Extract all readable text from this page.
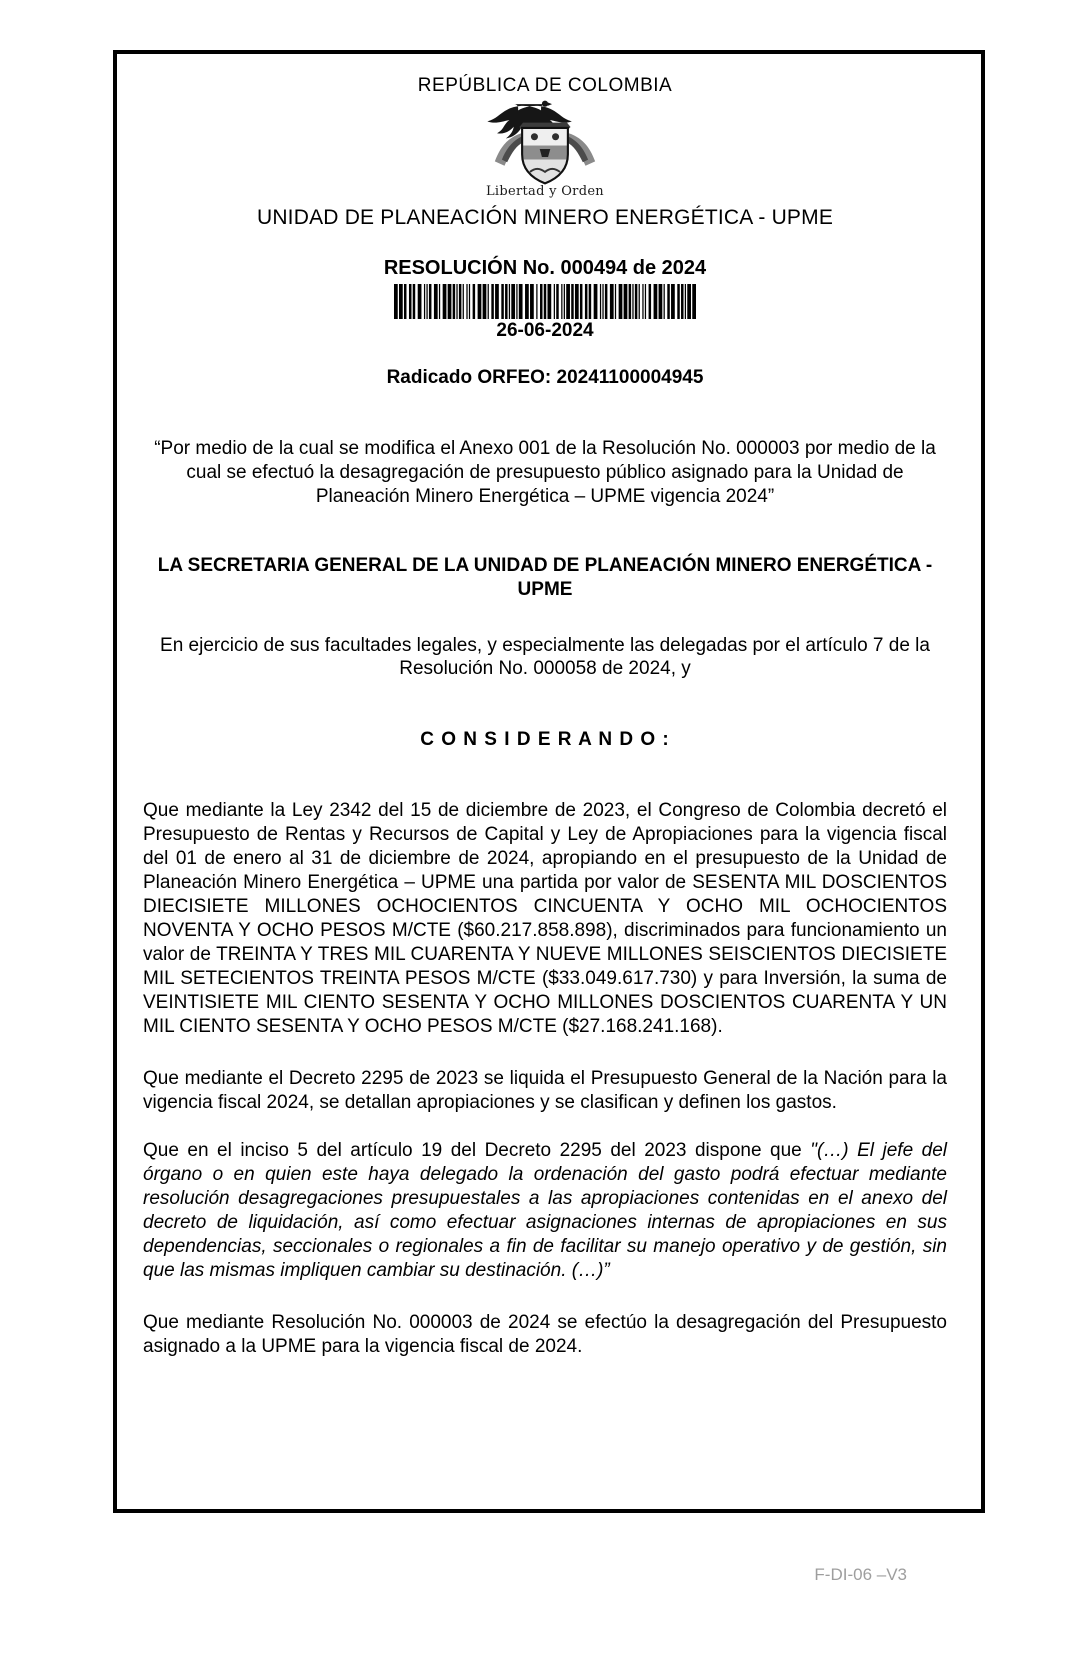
REPÚBLICA DE COLOMBIA
Libertad y Orden
UNIDAD DE PLANEACIÓN MINERO ENERGÉTICA - UPME
RESOLUCIÓN No. 000494 de 2024
26-06-2024
Radicado ORFEO: 20241100004945
“Por medio de la cual se modifica el Anexo 001 de la Resolución No. 000003 por medio de la cual se efectuó la desagregación de presupuesto público asignado para la Unidad de Planeación Minero Energética – UPME vigencia 2024”
LA SECRETARIA GENERAL DE LA UNIDAD DE PLANEACIÓN MINERO ENERGÉTICA - UPME
En ejercicio de sus facultades legales, y especialmente las delegadas por el artículo 7 de la Resolución No. 000058 de 2024, y
C O N S I D E R A N D O :

Que mediante la Ley 2342 del 15 de diciembre de 2023, el Congreso de Colombia decretó el Presupuesto de Rentas y Recursos de Capital y Ley de Apropiaciones para la vigencia fiscal del 01 de enero al 31 de diciembre de 2024, apropiando en el presupuesto de la Unidad de Planeación Minero Energética – UPME una partida por valor de SESENTA MIL DOSCIENTOS DIECISIETE MILLONES OCHOCIENTOS CINCUENTA Y OCHO MIL OCHOCIENTOS NOVENTA Y OCHO PESOS M/CTE ($60.217.858.898), discriminados para funcionamiento un valor de TREINTA Y TRES MIL CUARENTA Y NUEVE MILLONES SEISCIENTOS DIECISIETE MIL SETECIENTOS TREINTA PESOS M/CTE ($33.049.617.730) y para Inversión, la suma de VEINTISIETE MIL CIENTO SESENTA Y OCHO MILLONES DOSCIENTOS CUARENTA Y UN MIL CIENTO SESENTA Y OCHO PESOS M/CTE ($27.168.241.168).

Que mediante el Decreto 2295 de 2023 se liquida el Presupuesto General de la Nación para la vigencia fiscal 2024, se detallan apropiaciones y se clasifican y definen los gastos.

Que en el inciso 5 del artículo 19 del Decreto 2295 del 2023 dispone que "(…) El jefe del órgano o en quien este haya delegado la ordenación del gasto podrá efectuar mediante resolución desagregaciones presupuestales a las apropiaciones contenidas en el anexo del decreto de liquidación, así como efectuar asignaciones internas de apropiaciones en sus dependencias, seccionales o regionales a fin de facilitar su manejo operativo y de gestión, sin que las mismas impliquen cambiar su destinación. (…)”

Que mediante Resolución No. 000003 de 2024 se efectúo la desagregación del Presupuesto asignado a la UPME para la vigencia fiscal de 2024.

F-DI-06 –V3
